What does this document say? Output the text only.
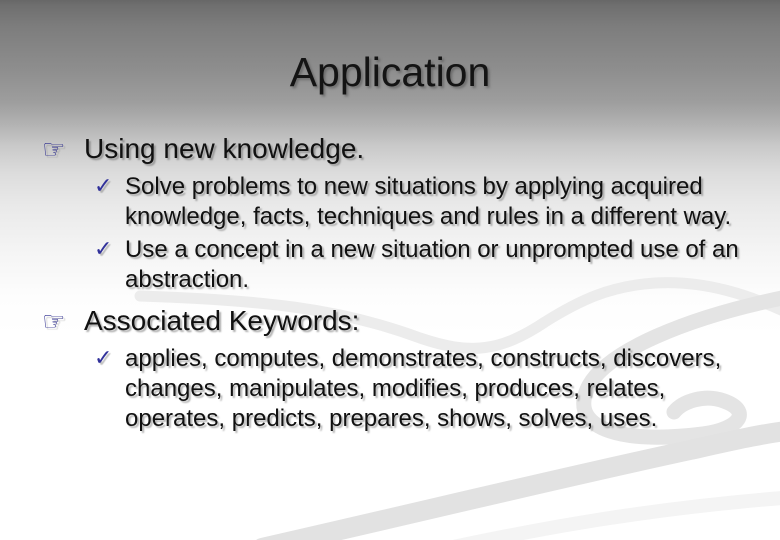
Application
☞ Using new knowledge.
✓ Solve problems to new situations by applying acquired knowledge, facts, techniques and rules in a different way.
✓ Use a concept in a new situation or unprompted use of an abstraction.
☞ Associated Keywords:
✓ applies, computes, demonstrates, constructs, discovers, changes, manipulates, modifies, produces, relates, operates, predicts, prepares, shows, solves, uses.
